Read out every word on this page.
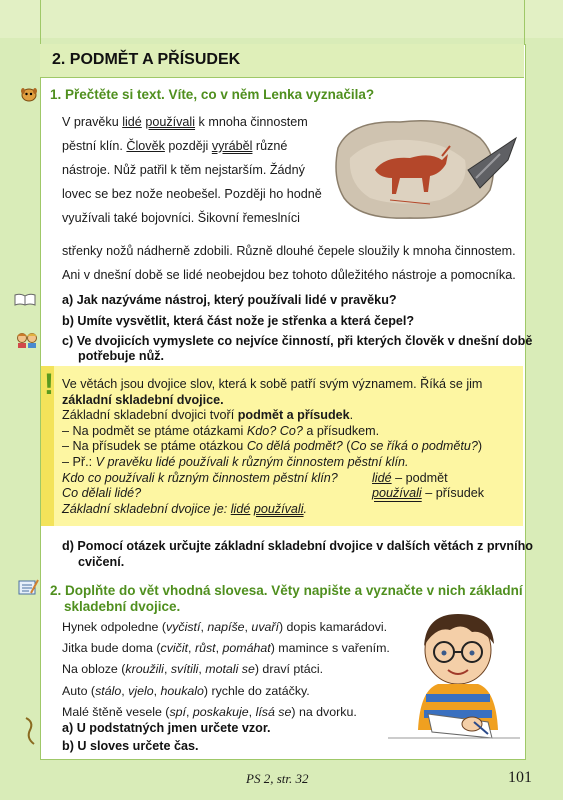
2. PODMĚT A PŘÍSUDEK
1. Přečtěte si text. Víte, co v něm Lenka vyznačila?
V pravěku lidé používali k mnoha činnostem
pěstní klín. Člověk později vyráběl různé
nástroje. Nůž patřil k těm nejstarším. Žádný
lovec se bez nože neobešel. Později ho hodně
využívali také bojovníci. Šikovní řemeslníci
střenky nožů nádherně zdobili. Různě dlouhé čepele sloužily k mnoha činnostem.
Ani v dnešní době se lidé neobejdou bez tohoto důležitého nástroje a pomocníka.
a) Jak nazýváme nástroj, který používali lidé v pravěku?
b) Umíte vysvětlit, která část nože je střenka a která čepel?
c) Ve dvojicích vymyslete co nejvíce činností, při kterých člověk v dnešní době
potřebuje nůž.
! Ve větách jsou dvojice slov, která k sobě patří svým významem. Říká se jim
základní skladební dvojice.
Základní skladební dvojici tvoří podmět a přísudek.
– Na podmět se ptáme otázkami Kdo? Co? a přísudkem.
– Na přísudek se ptáme otázkou Co dělá podmět? (Co se říká o podmětu?)
– Př.: V pravěku lidé používali k různým činnostem pěstní klín.
Kdo co používali k různým činnostem pěstní klín?
Co dělali lidé?
Základní skladební dvojice je: lidé používali.
lidé – podmět
používali – přísudek
d) Pomocí otázek určujte základní skladební dvojice v dalších větách z prvního
cvičení.
2. Doplňte do vět vhodná slovesa. Věty napište a vyznačte v nich základní
skladební dvojice.
Hynek odpoledne (vyčistí, napíše, uvaří) dopis kamarádovi.
Jitka bude doma (cvičit, růst, pomáhat) mamince s vařením.
Na obloze (kroužili, svítili, motali se) draví ptáci.
Auto (stálo, vjelo, houkalo) rychle do zatáčky.
Malé štěně vesele (spí, poskakuje, lísá se) na dvorku.
a) U podstatných jmen určete vzor.
b) U sloves určete čas.
PS 2, str. 32	101
